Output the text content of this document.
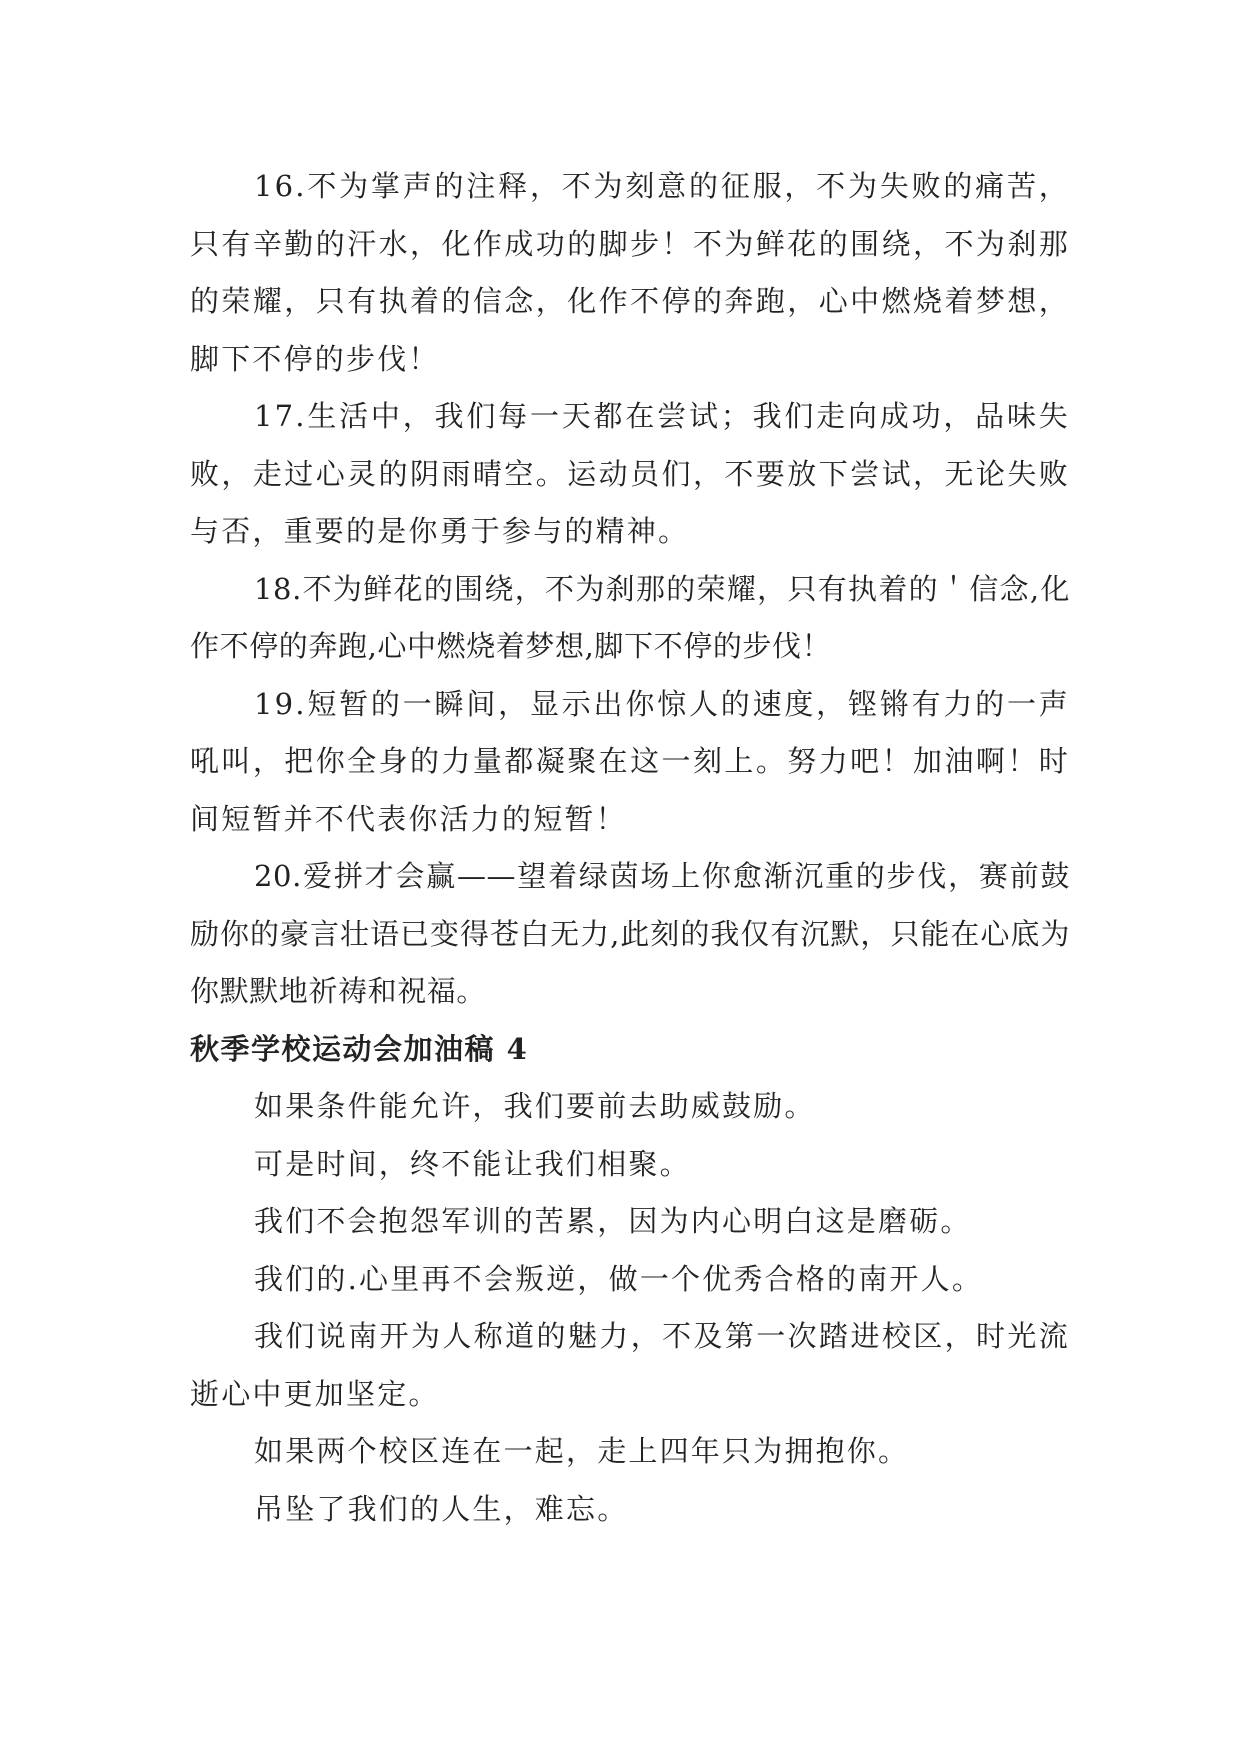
16.不为掌声的注释，不为刻意的征服，不为失败的痛苦，只有辛勤的汗水，化作成功的脚步！不为鲜花的围绕，不为刹那的荣耀，只有执着的信念，化作不停的奔跑，心中燃烧着梦想，脚下不停的步伐！

17.生活中，我们每一天都在尝试；我们走向成功，品味失败，走过心灵的阴雨晴空。运动员们，不要放下尝试，无论失败与否，重要的是你勇于参与的精神。

18.不为鲜花的围绕，不为刹那的荣耀，只有执着的＇信念,化作不停的奔跑,心中燃烧着梦想,脚下不停的步伐！

19.短暂的一瞬间，显示出你惊人的速度，铿锵有力的一声吼叫，把你全身的力量都凝聚在这一刻上。努力吧！加油啊！时间短暂并不代表你活力的短暂！

20.爱拼才会赢——望着绿茵场上你愈渐沉重的步伐，赛前鼓励你的豪言壮语已变得苍白无力,此刻的我仅有沉默，只能在心底为你默默地祈祷和祝福。

秋季学校运动会加油稿 4

如果条件能允许，我们要前去助威鼓励。

可是时间，终不能让我们相聚。

我们不会抱怨军训的苦累，因为内心明白这是磨砺。

我们的.心里再不会叛逆，做一个优秀合格的南开人。

我们说南开为人称道的魅力，不及第一次踏进校区，时光流逝心中更加坚定。

如果两个校区连在一起，走上四年只为拥抱你。

吊坠了我们的人生，难忘。
